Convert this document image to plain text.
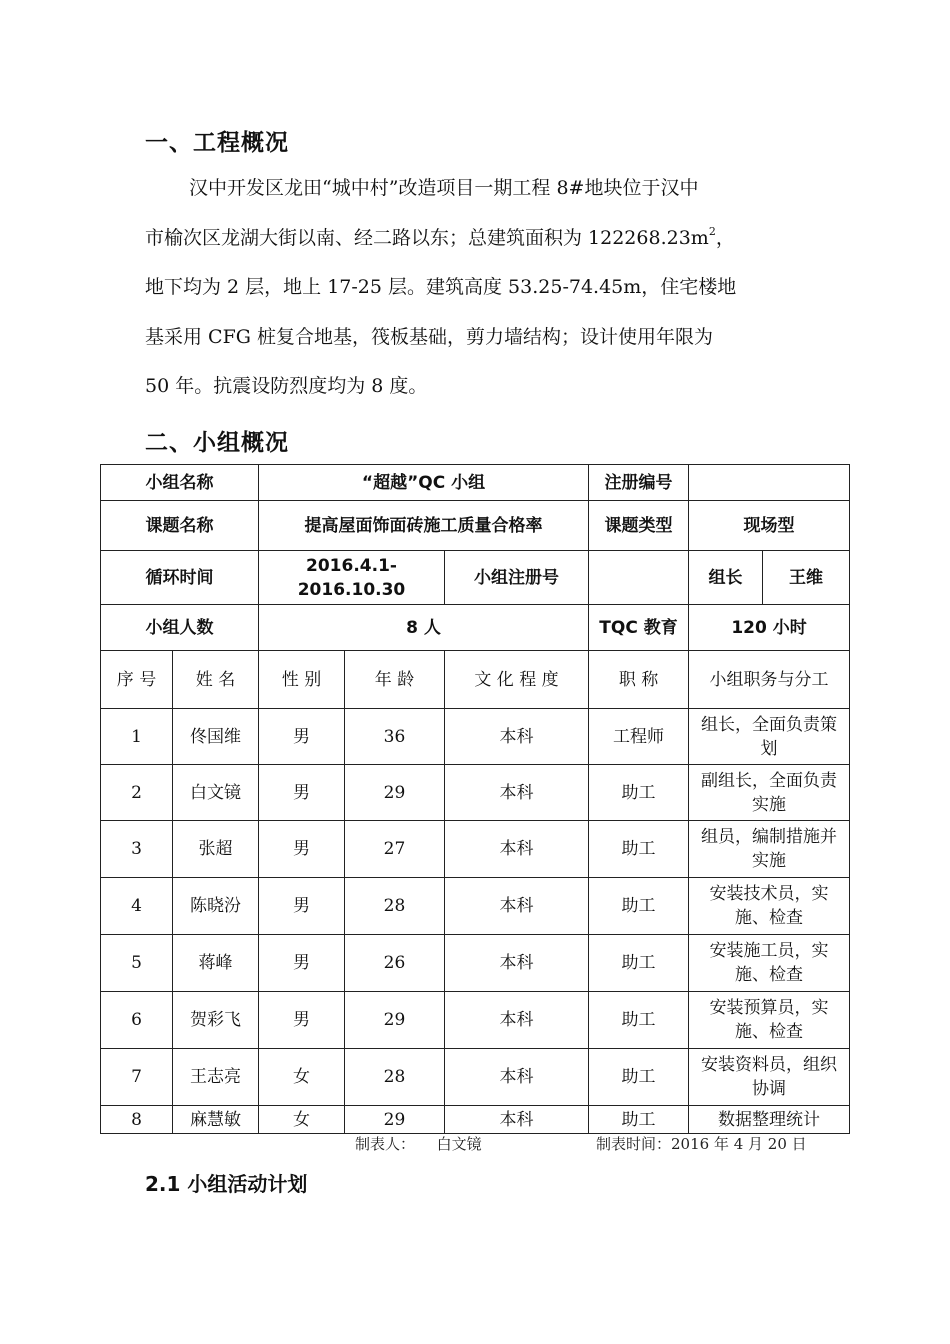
一、工程概况
汉中开发区龙田“城中村”改造项目一期工程 8#地块位于汉中
市榆次区龙湖大街以南、经二路以东；总建筑面积为 $122268.23m^2$，
地下均为 2 层，地上 17-25 层。建筑高度 53.25-74.45m，住宅楼地
基采用 CFG 桩复合地基，筏板基础，剪力墙结构；设计使用年限为
50 年。抗震设防烈度均为 8 度。
二、小组概况
小组名称		“超越”QC 小组			注册编号		
课题名称		提高屋面饰面砖施工质量合格率			课题类型	现场型	
循环时间		2016.4.1-2016.10.30		小组注册号		组长	王维
小组人数		8 人			TQC 教育	120 小时	
序 号	姓 名	性 别	年 龄	文 化 程 度	职 称	小组职务与分工	
1	佟国维	男	36	本科	工程师	组长，全面负责策划	
2	白文镜	男	29	本科	助工	副组长，全面负责实施	
3	张超	男	27	本科	助工	组员，编制措施并实施	
4	陈晓汾	男	28	本科	助工	安装技术员，实施、检查	
5	蒋峰	男	26	本科	助工	安装施工员，实施、检查	
6	贺彩飞	男	29	本科	助工	安装预算员，实施、检查	
7	王志亮	女	28	本科	助工	安装资料员，组织协调	
8	麻慧敏	女	29	本科	助工	数据整理统计	
制表人： 白文镜	制表时间：2016 年 4 月 20 日
2.1 小组活动计划
